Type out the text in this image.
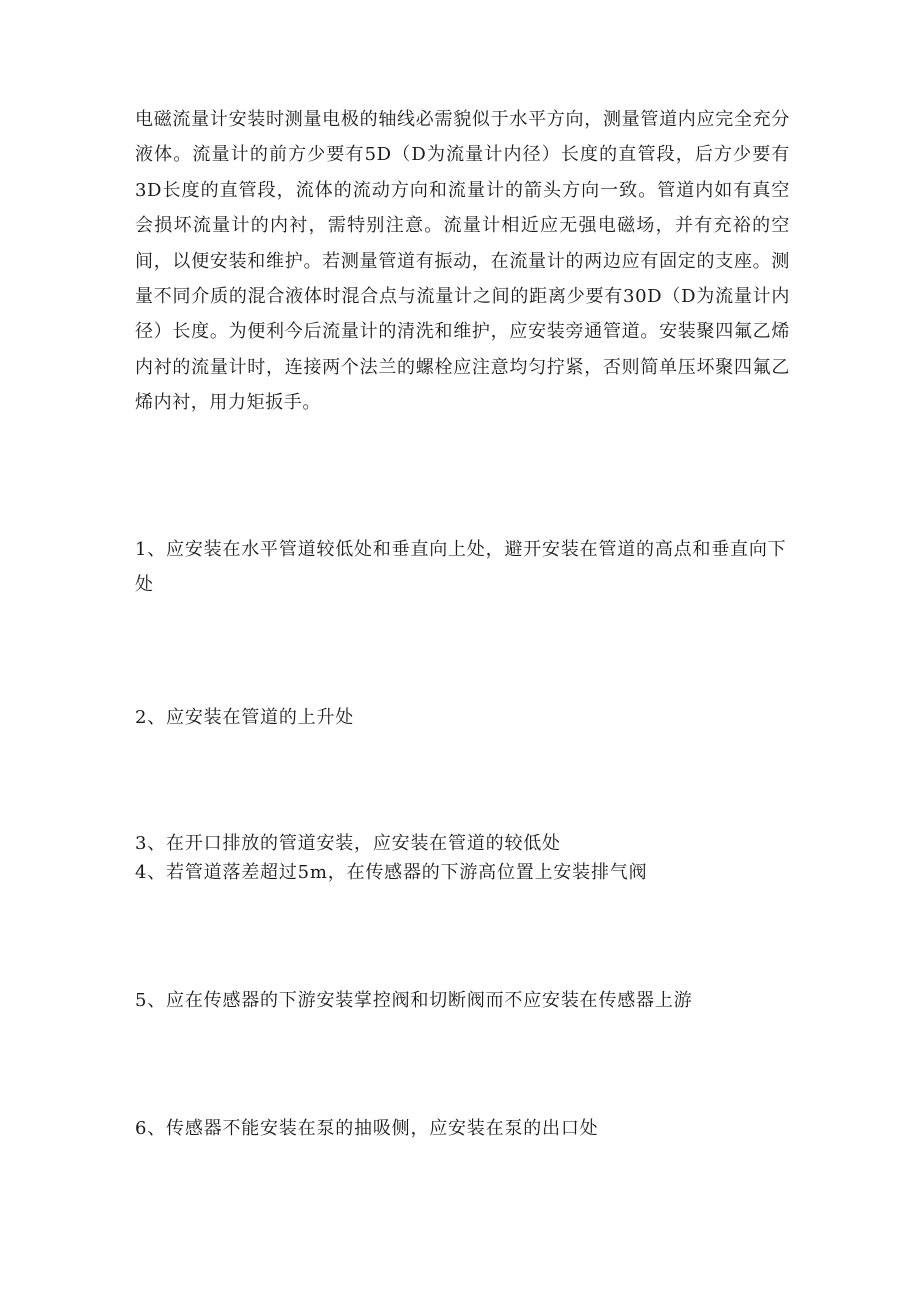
电磁流量计安装时测量电极的轴线必需貌似于水平方向，测量管道内应完全充分液体。流量计的前方少要有5D（D为流量计内径）长度的直管段，后方少要有3D长度的直管段，流体的流动方向和流量计的箭头方向一致。管道内如有真空会损坏流量计的内衬，需特别注意。流量计相近应无强电磁场，并有充裕的空间，以便安装和维护。若测量管道有振动，在流量计的两边应有固定的支座。测量不同介质的混合液体时混合点与流量计之间的距离少要有30D（D为流量计内径）长度。为便利今后流量计的清洗和维护，应安装旁通管道。安装聚四氟乙烯内衬的流量计时，连接两个法兰的螺栓应注意均匀拧紧，否则简单压坏聚四氟乙烯内衬，用力矩扳手。

1、应安装在水平管道较低处和垂直向上处，避开安装在管道的高点和垂直向下处

2、应安装在管道的上升处

3、在开口排放的管道安装，应安装在管道的较低处

4、若管道落差超过5m，在传感器的下游高位置上安装排气阀

5、应在传感器的下游安装掌控阀和切断阀而不应安装在传感器上游

6、传感器不能安装在泵的抽吸侧，应安装在泵的出口处
